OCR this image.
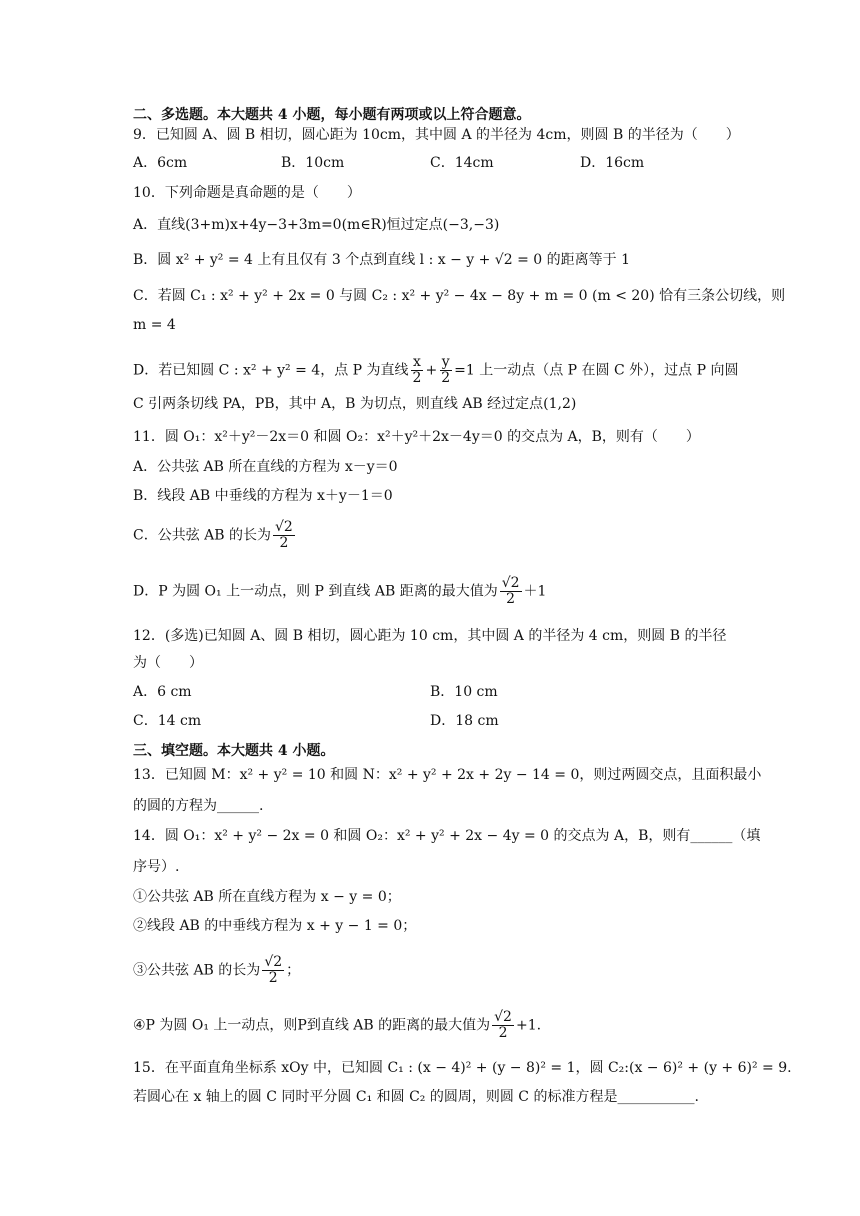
二、多选题。本大题共 4 小题，每小题有两项或以上符合题意。
9．已知圆 A、圆 B 相切，圆心距为 10cm，其中圆 A 的半径为 4cm，则圆 B 的半径为（　　）
A．6cm	B．10cm	C．14cm	D．16cm
10．下列命题是真命题的是（　　）
A．直线(3+m)x+4y−3+3m=0(m∈R)恒过定点(−3,−3)
B．圆 x² + y² = 4 上有且仅有 3 个点到直线 l : x − y + √2 = 0 的距离等于 1
C．若圆 C₁ : x² + y² + 2x = 0 与圆 C₂ : x² + y² − 4x − 8y + m = 0 (m < 20) 恰有三条公切线，则
m = 4
D．若已知圆 C : x² + y² = 4，点 P 为直线 $\frac{x}{2} + \frac{y}{2} =1$ 上一动点（点 P 在圆 C 外），过点 P 向圆
C 引两条切线 PA，PB，其中 A，B 为切点，则直线 AB 经过定点(1,2)
11．圆 O₁：x²＋y²－2x＝0 和圆 O₂：x²＋y²＋2x－4y＝0 的交点为 A，B，则有（　　）
A．公共弦 AB 所在直线的方程为 x－y＝0
B．线段 AB 中垂线的方程为 x＋y－1＝0
C．公共弦 AB 的长为 $\frac{√2}{2}$
D．P 为圆 O₁ 上一动点，则 P 到直线 AB 距离的最大值为 $\frac{√2}{2} +1$
12．(多选)已知圆 A、圆 B 相切，圆心距为 10 cm，其中圆 A 的半径为 4 cm，则圆 B 的半径
为（　　）
A．6 cm	B．10 cm
C．14 cm	D．18 cm
三、填空题。本大题共 4 小题。
13．已知圆 M：x² + y² = 10 和圆 N：x² + y² + 2x + 2y − 14 = 0，则过两圆交点，且面积最小
的圆的方程为______.
14．圆 O₁：x² + y² − 2x = 0 和圆 O₂：x² + y² + 2x − 4y = 0 的交点为 A，B，则有______（填
序号）.
①公共弦 AB 所在直线方程为 x − y = 0；
②线段 AB 的中垂线方程为 x + y − 1 = 0；
③公共弦 AB 的长为 $\frac{√2}{2}$ ；
④P 为圆 O₁ 上一动点，则P到直线 AB 的距离的最大值为 $\frac{√2}{2} +1$.
15．在平面直角坐标系 xOy 中，已知圆 C₁ : (x − 4)² + (y − 8)² = 1，圆 C₂:(x − 6)² + (y + 6)² = 9.
若圆心在 x 轴上的圆 C 同时平分圆 C₁ 和圆 C₂ 的圆周，则圆 C 的标准方程是___________.
